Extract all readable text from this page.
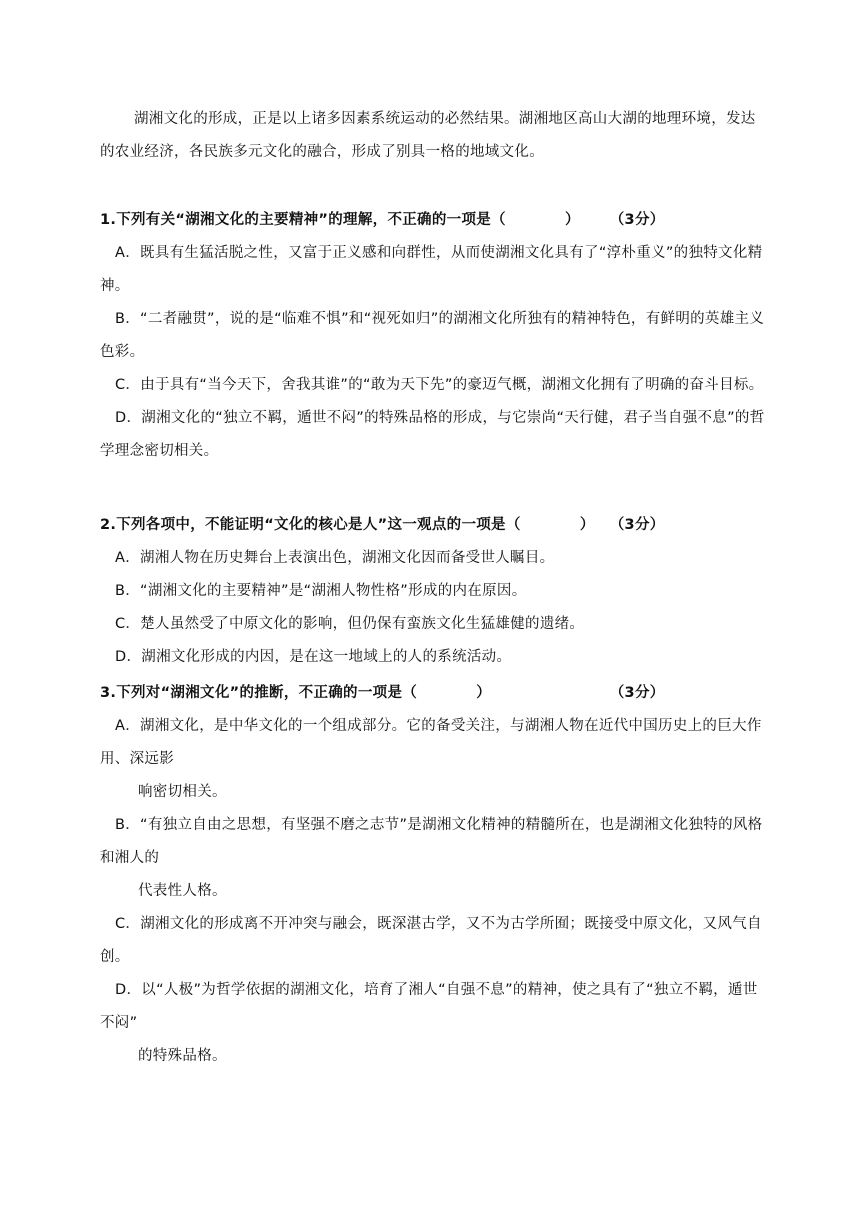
湖湘文化的形成，正是以上诸多因素系统运动的必然结果。湖湘地区高山大湖的地理环境，发达的农业经济，各民族多元文化的融合，形成了别具一格的地域文化。

1.下列有关“湖湘文化的主要精神”的理解，不正确的一项是（　　　　）　　　（3分）

A．既具有生猛活脱之性，又富于正义感和向群性，从而使湖湘文化具有了“淳朴重义”的独特文化精神。

B．“二者融贯”，说的是“临难不惧”和“视死如归”的湖湘文化所独有的精神特色，有鲜明的英雄主义色彩。

C．由于具有“当今天下，舍我其谁”的“敢为天下先”的豪迈气概，湖湘文化拥有了明确的奋斗目标。

D．湖湘文化的“独立不羁，遁世不闷”的特殊品格的形成，与它崇尚“天行健，君子当自强不息”的哲学理念密切相关。

2.下列各项中，不能证明“文化的核心是人”这一观点的一项是（　　　　）　　（3分）

A．湖湘人物在历史舞台上表演出色，湖湘文化因而备受世人瞩目。

B．“湖湘文化的主要精神”是“湖湘人物性格”形成的内在原因。

C．楚人虽然受了中原文化的影响，但仍保有蛮族文化生猛雄健的遗绪。

D．湖湘文化形成的内因，是在这一地域上的人的系统活动。

3.下列对“湖湘文化”的推断，不正确的一项是（　　　　）　　　　　　　　　（3分）

A．湖湘文化，是中华文化的一个组成部分。它的备受关注，与湖湘人物在近代中国历史上的巨大作用、深远影

响密切相关。

B．“有独立自由之思想，有坚强不磨之志节”是湖湘文化精神的精髓所在，也是湖湘文化独特的风格和湘人的

代表性人格。

C．湖湘文化的形成离不开冲突与融会，既深湛古学，又不为古学所囿；既接受中原文化，又风气自创。

D．以“人极”为哲学依据的湖湘文化，培育了湘人“自强不息”的精神，使之具有了“独立不羁，遁世不闷”

的特殊品格。
